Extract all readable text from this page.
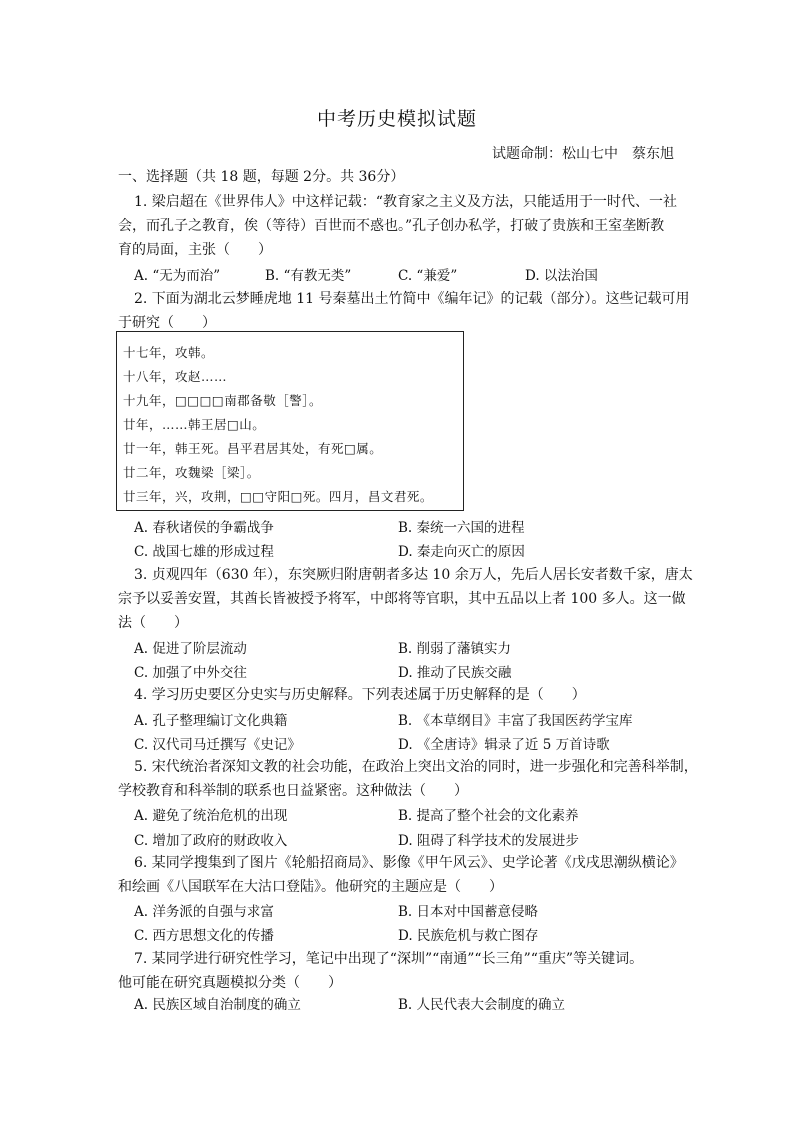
中考历史模拟试题
试题命制：松山七中　蔡东旭
一、选择题（共 18 题，每题 2分。共 36分）
1. 梁启超在《世界伟人》中这样记载：“教育家之主义及方法，只能适用于一时代、一社
会，而孔子之教育，俟（等待）百世而不惑也。”孔子创办私学，打破了贵族和王室垄断教
育的局面，主张（　　）
A. “无为而治”	B. “有教无类”	C. “兼爱”	D. 以法治国
2. 下面为湖北云梦睡虎地 11 号秦墓出土竹简中《编年记》的记载（部分）。这些记载可用
于研究（　　）
十七年，攻韩。
十八年，攻赵……
十九年，□□□□南郡备敬［警］。
廿年，……韩王居□山。
廿一年，韩王死。昌平君居其处，有死□属。
廿二年，攻魏梁［梁］。
廿三年，兴，攻荆，□□守阳□死。四月，昌文君死。
A. 春秋诸侯的争霸战争	B. 秦统一六国的进程
C. 战国七雄的形成过程	D. 秦走向灭亡的原因
3. 贞观四年（630 年），东突厥归附唐朝者多达 10 余万人，先后人居长安者数千家，唐太
宗予以妥善安置，其酋长皆被授予将军，中郎将等官职，其中五品以上者 100 多人。这一做
法（　　）
A. 促进了阶层流动	B. 削弱了藩镇实力
C. 加强了中外交往	D. 推动了民族交融
4. 学习历史要区分史实与历史解释。下列表述属于历史解释的是（　　）
A. 孔子整理编订文化典籍	B. 《本草纲目》丰富了我国医药学宝库
C. 汉代司马迁撰写《史记》	D. 《全唐诗》辑录了近 5 万首诗歌
5. 宋代统治者深知文教的社会功能，在政治上突出文治的同时，进一步强化和完善科举制，
学校教育和科举制的联系也日益紧密。这种做法（　　）
A. 避免了统治危机的出现	B. 提高了整个社会的文化素养
C. 增加了政府的财政收入	D. 阻碍了科学技术的发展进步
6. 某同学搜集到了图片《轮船招商局》、影像《甲午风云》、史学论著《戊戌思潮纵横论》
和绘画《八国联军在大沽口登陆》。他研究的主题应是（　　）
A. 洋务派的自强与求富	B. 日本对中国蓄意侵略
C. 西方思想文化的传播	D. 民族危机与救亡图存
7. 某同学进行研究性学习，笔记中出现了“深圳”“南通”“长三角”“重庆”等关键词。
他可能在研究真题模拟分类（　　）
A. 民族区域自治制度的确立	B. 人民代表大会制度的确立
